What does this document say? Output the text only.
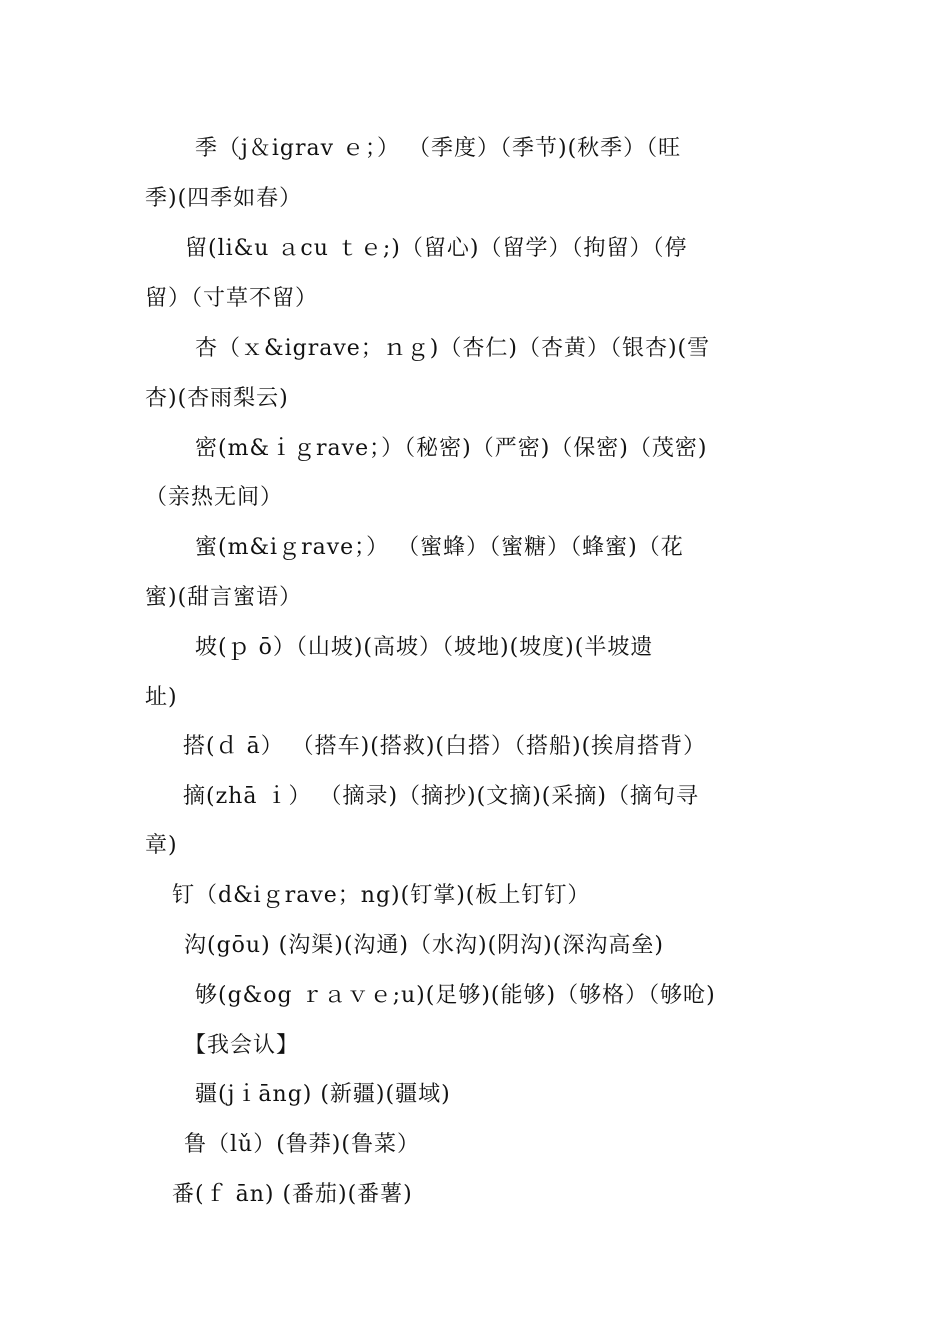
季（j＆igrav ｅ；） （季度）（季节)(秋季）（旺
季)(四季如春）
留(li&u ａcu ｔｅ;)（留心)（留学）（拘留）（停
留）（寸草不留）
杏（ｘ&igrave；ｎｇ)（杏仁)（杏黄）（银杏)(雪
杏)(杏雨梨云)
密(m&ｉｇrave；）（秘密)（严密)（保密)（茂密)
（亲热无间）
蜜(m&iｇrave；） （蜜蜂）（蜜糖）（蜂蜜)（花
蜜)(甜言蜜语）
坡(ｐ ō）（山坡)(高坡）（坡地)(坡度)(半坡遗
址)
搭(ｄ ā） （搭车)(搭救)(白搭）（搭船)(挨肩搭背）
摘(zhā ｉ） （摘录)（摘抄)(文摘)(采摘)（摘句寻
章)
钉（d&iｇrave；ng)(钉掌)(板上钉钉）
沟(gōu) (沟渠)(沟通)（水沟)(阴沟)(深沟高垒)
够(g&og ｒａｖｅ;u)(足够)(能够)（够格）（够呛)
【我会认】
疆(jｉāng) (新疆)(疆域)
鲁（lǔ）(鲁莽)(鲁菜）
番(ｆ ān) (番茄)(番薯)
